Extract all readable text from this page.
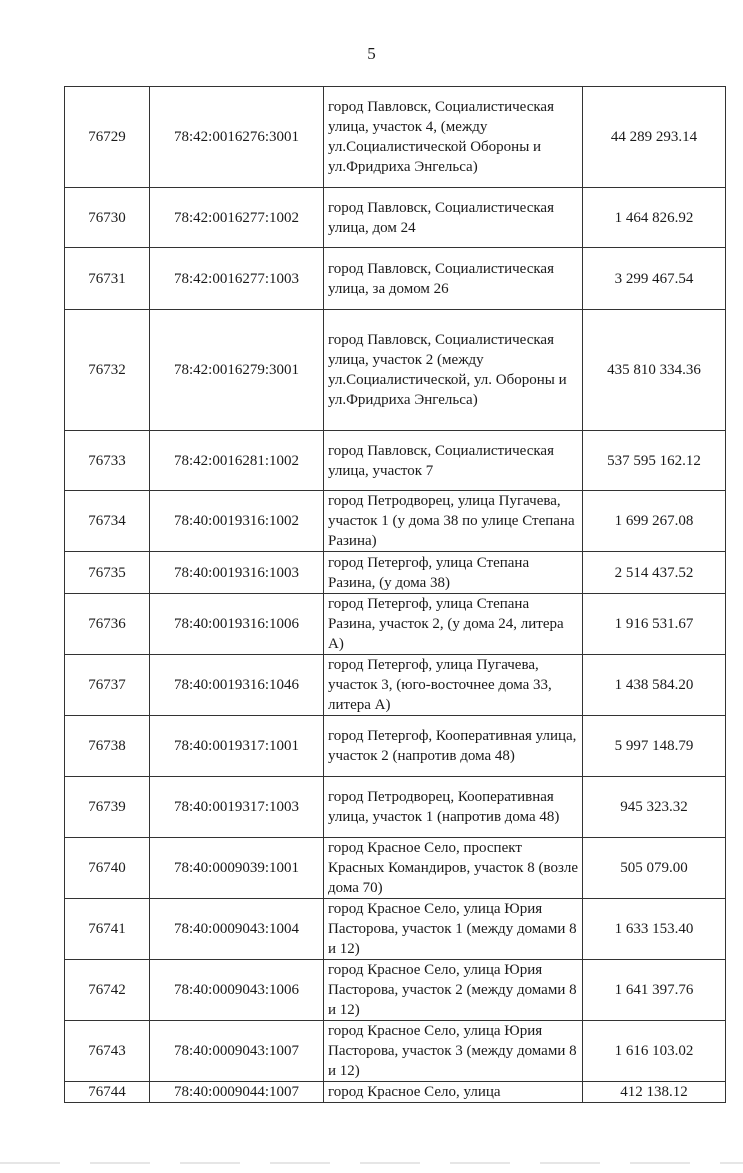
5
76729	78:42:0016276:3001	город Павловск, Социалистическая улица, участок 4, (между ул.Социалистической Обороны и ул.Фридриха Энгельса)	44 289 293.14
76730	78:42:0016277:1002	город Павловск, Социалистическая улица, дом 24	1 464 826.92
76731	78:42:0016277:1003	город Павловск, Социалистическая улица, за домом 26	3 299 467.54
76732	78:42:0016279:3001	город Павловск, Социалистическая улица, участок 2 (между ул.Социалистической, ул. Обороны и ул.Фридриха Энгельса)	435 810 334.36
76733	78:42:0016281:1002	город Павловск, Социалистическая улица, участок 7	537 595 162.12
76734	78:40:0019316:1002	город Петродворец, улица Пугачева, участок 1 (у дома 38 по улице Степана Разина)	1 699 267.08
76735	78:40:0019316:1003	город Петергоф, улица Степана Разина, (у дома 38)	2 514 437.52
76736	78:40:0019316:1006	город Петергоф, улица Степана Разина, участок 2, (у дома 24, литера А)	1 916 531.67
76737	78:40:0019316:1046	город Петергоф, улица Пугачева, участок 3, (юго-восточнее дома 33, литера А)	1 438 584.20
76738	78:40:0019317:1001	город Петергоф, Кооперативная улица, участок 2 (напротив дома 48)	5 997 148.79
76739	78:40:0019317:1003	город Петродворец, Кооперативная улица, участок 1 (напротив дома 48)	945 323.32
76740	78:40:0009039:1001	город Красное Село, проспект Красных Командиров, участок 8 (возле дома 70)	505 079.00
76741	78:40:0009043:1004	город Красное Село, улица Юрия Пасторова, участок 1 (между домами 8 и 12)	1 633 153.40
76742	78:40:0009043:1006	город Красное Село, улица Юрия Пасторова, участок 2 (между домами 8 и 12)	1 641 397.76
76743	78:40:0009043:1007	город Красное Село, улица Юрия Пасторова, участок 3 (между домами 8 и 12)	1 616 103.02
76744	78:40:0009044:1007	город Красное Село, улица	412 138.12
